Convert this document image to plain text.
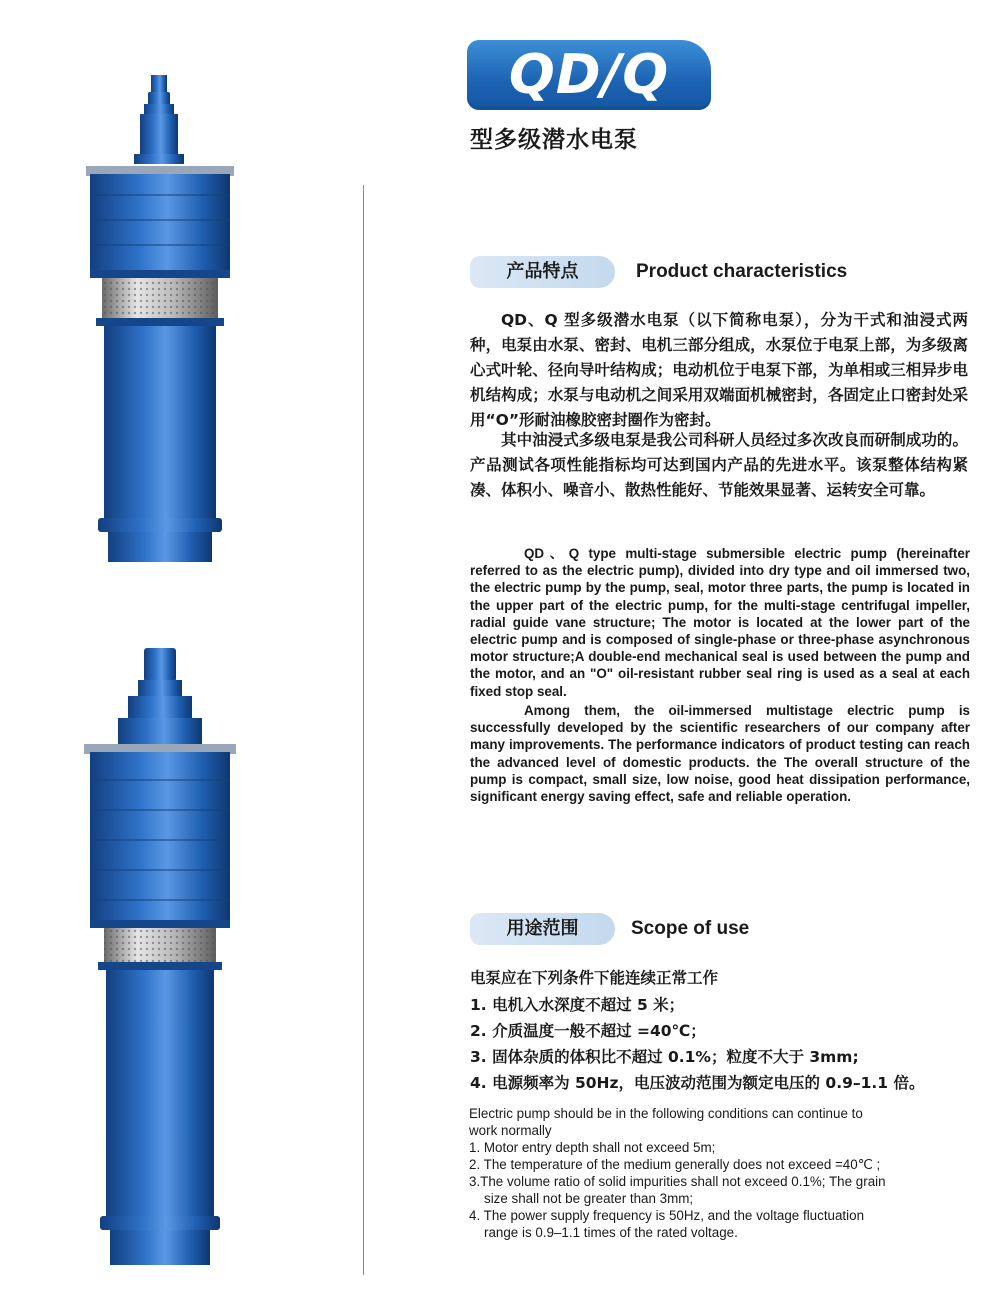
QD/Q
型多级潜水电泵
产品特点	Product characteristics

QD、Q 型多级潜水电泵（以下简称电泵），分为干式和油浸式两种，电泵由水泵、密封、电机三部分组成，水泵位于电泵上部，为多级离心式叶轮、径向导叶结构成；电动机位于电泵下部，为单相或三相异步电机结构成；水泵与电动机之间采用双端面机械密封，各固定止口密封处采用“O”形耐油橡胶密封圈作为密封。

其中油浸式多级电泵是我公司科研人员经过多次改良而研制成功的。产品测试各项性能指标均可达到国内产品的先进水平。该泵整体结构紧凑、体积小、噪音小、散热性能好、节能效果显著、运转安全可靠。

QD、Q type multi-stage submersible electric pump (hereinafter referred to as the electric pump), divided into dry type and oil immersed two, the electric pump by the pump, seal, motor three parts, the pump is located in the upper part of the electric pump, for the multi-stage centrifugal impeller, radial guide vane structure; The motor is located at the lower part of the electric pump and is composed of single-phase or three-phase asynchronous motor structure;A double-end mechanical seal is used between the pump and the motor, and an "O" oil-resistant rubber seal ring is used as a seal at each fixed stop seal.

Among them, the oil-immersed multistage electric pump is successfully developed by the scientific researchers of our company after many improvements. The performance indicators of product testing can reach the advanced level of domestic products. the The overall structure of the pump is compact, small size, low noise, good heat dissipation performance, significant energy saving effect, safe and reliable operation.

用途范围	Scope of use
电泵应在下列条件下能连续正常工作
1. 电机入水深度不超过 5 米；
2. 介质温度一般不超过 =40℃；
3. 固体杂质的体积比不超过 0.1%；粒度不大于 3mm;
4. 电源频率为 50Hz，电压波动范围为额定电压的 0.9–1.1 倍。
Electric pump should be in the following conditions can continue to
work normally
1. Motor entry depth shall not exceed 5m;
2. The temperature of the medium generally does not exceed =40℃ ;
3.The volume ratio of solid impurities shall not exceed 0.1%; The grain
size shall not be greater than 3mm;
4. The power supply frequency is 50Hz, and the voltage fluctuation
range is 0.9–1.1 times of the rated voltage.
